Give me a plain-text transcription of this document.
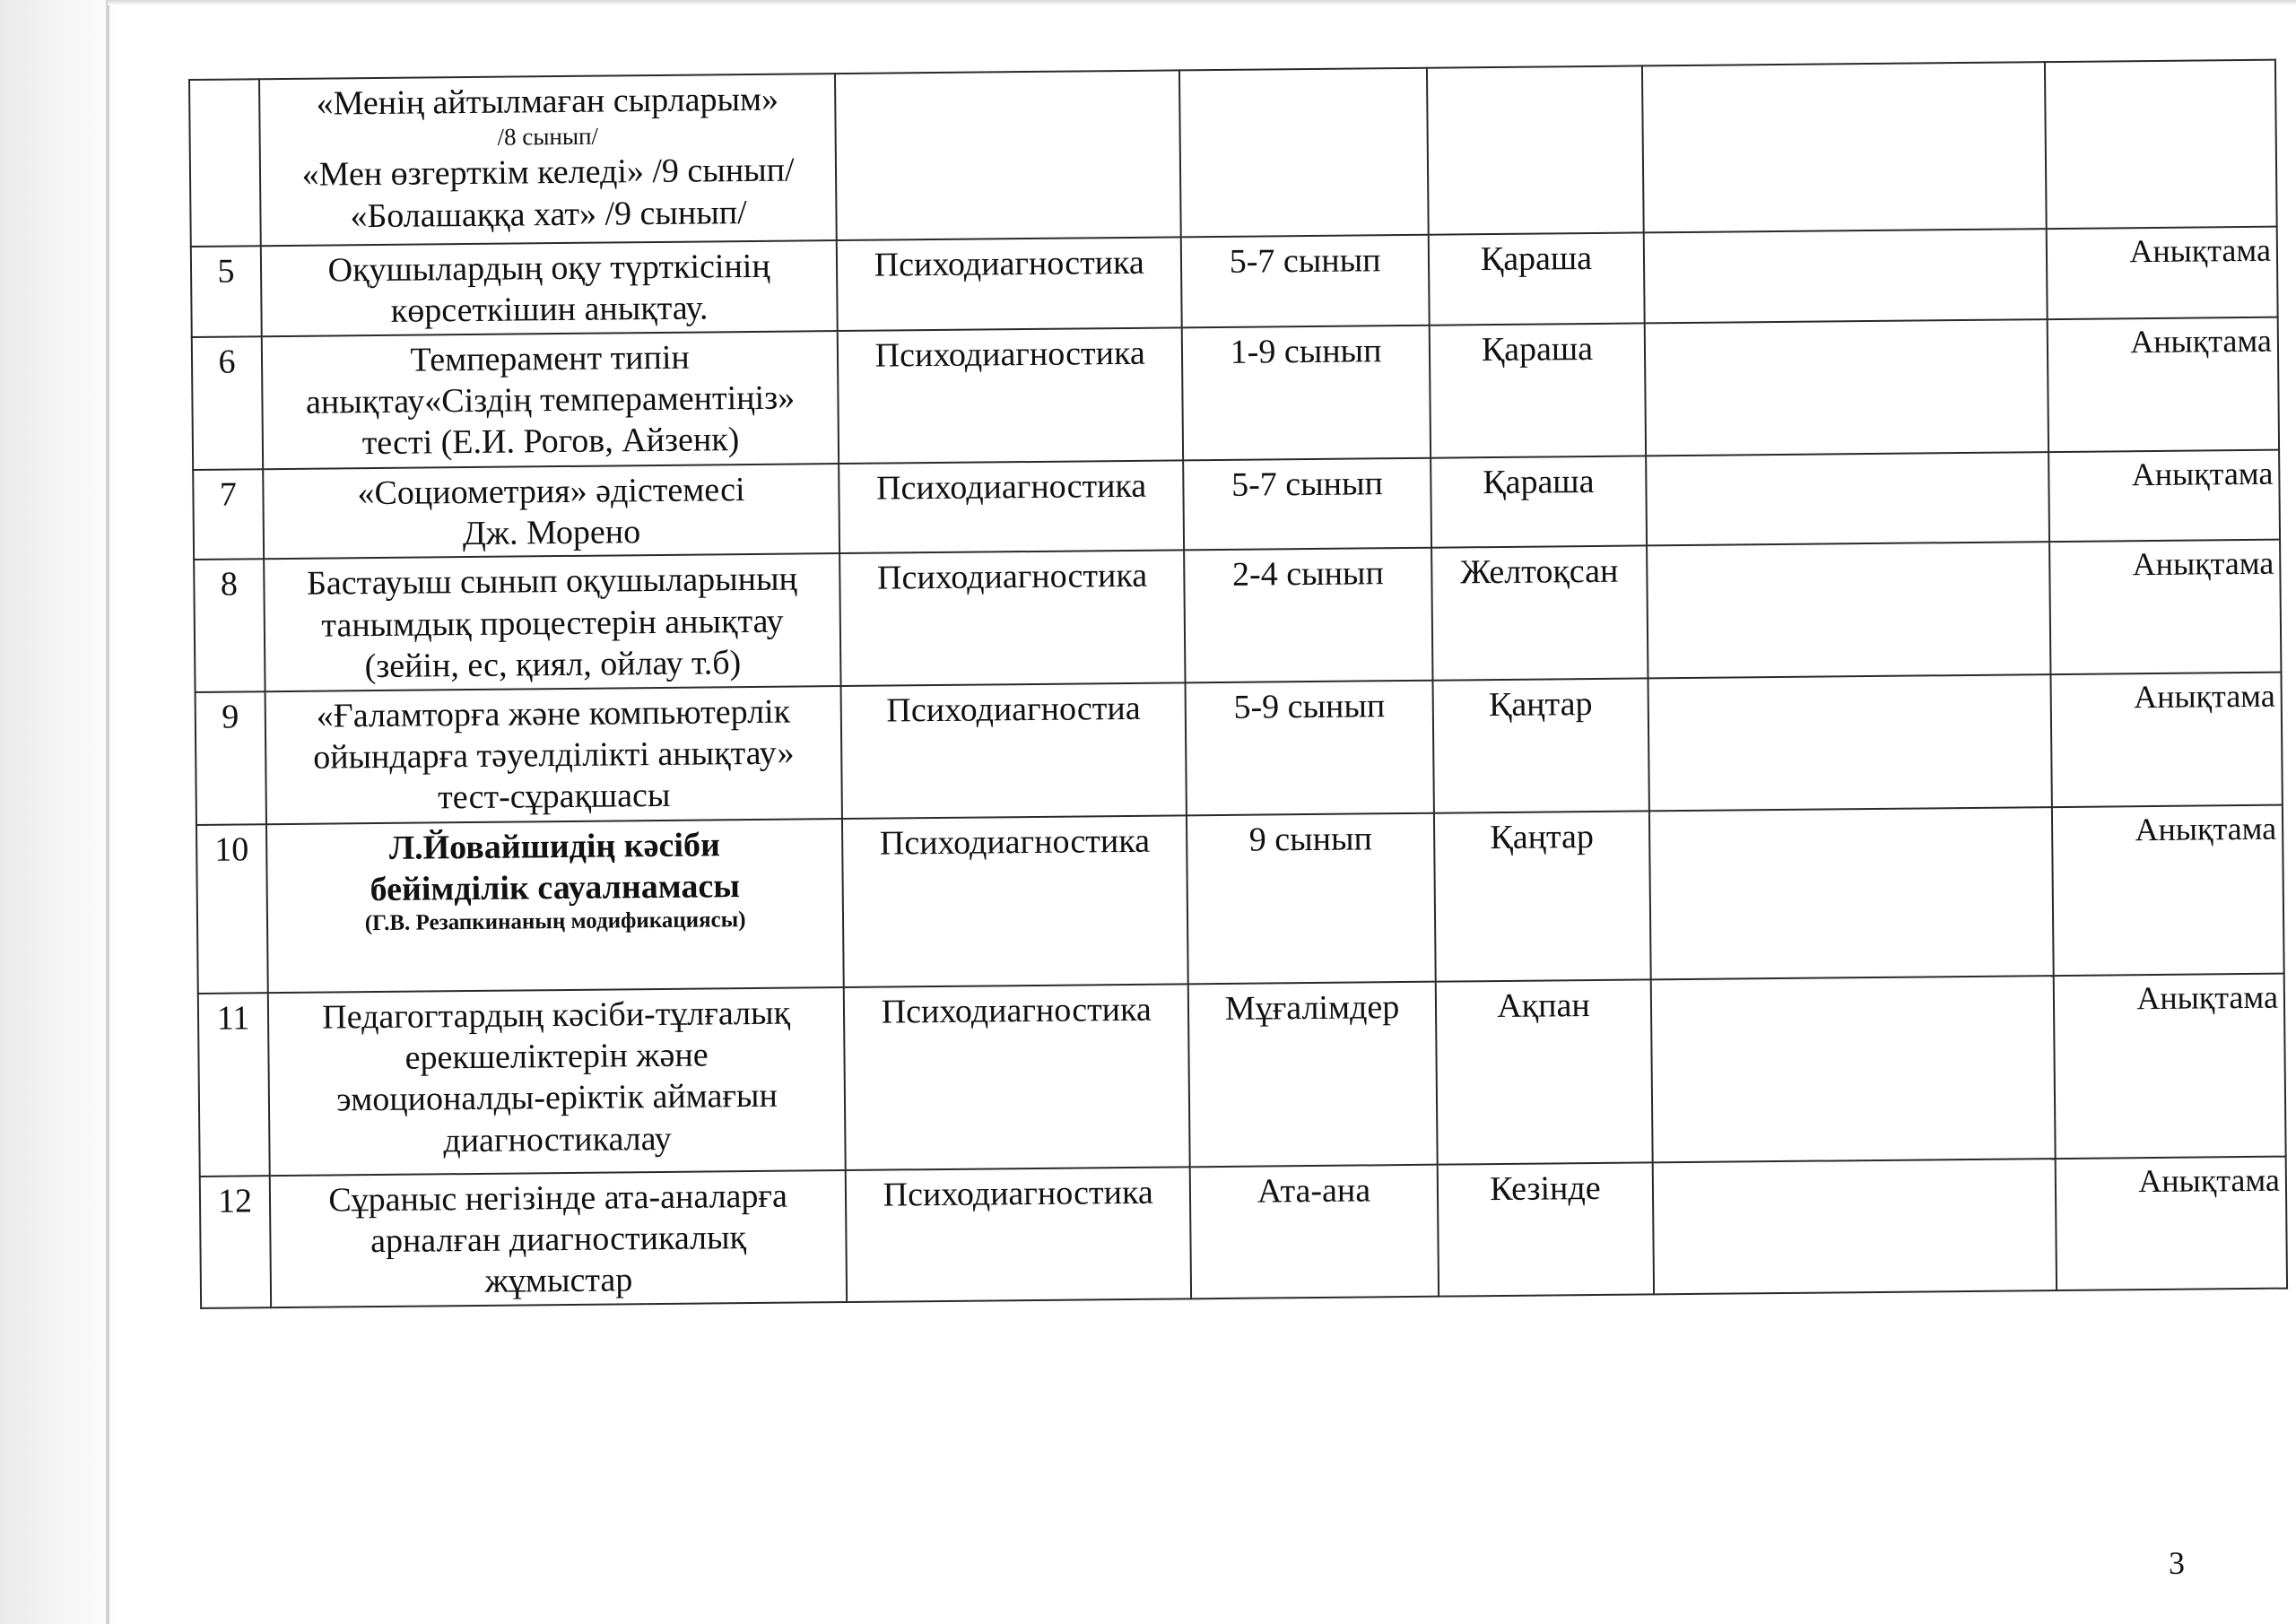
	«Менің айтылмаған сырларым»
/8 сынып/
«Мен өзгерткім келеді» /9 сынып/
«Болашаққа хат» /9 сынып/					

5	Оқушылардың оқу түрткісінің
көрсеткішин анықтау.	Психодиагностика	5-7 сынып	Қараша		Анықтама
6	Темперамент типін
анықтау«Сіздің темпераментіңіз»
тесті (Е.И. Рогов, Айзенк)	Психодиагностика	1-9 сынып	Қараша		Анықтама
7	«Социометрия» әдістемесі
Дж. Морено	Психодиагностика	5-7 сынып	Қараша		Анықтама
8	Бастауыш сынып оқушыларының
танымдық процестерін анықтау
(зейін, ес, қиял, ойлау т.б)	Психодиагностика	2-4 сынып	Желтоқсан		Анықтама
9	«Ғаламторға және компьютерлік
ойындарға тәуелділікті анықтау»
тест-сұрақшасы	Психодиагностиа	5-9 сынып	Қаңтар		Анықтама
10	Л.Йовайшидің кәсіби
бейімділік сауалнамасы
(Г.В. Резапкинаның модификациясы)	Психодиагностика	9 сынып	Қаңтар		Анықтама
11	Педагогтардың кәсіби-тұлғалық
ерекшеліктерін және
эмоционалды-еріктік аймағын
диагностикалау	Психодиагностика	Мұғалімдер	Ақпан		Анықтама
12	Сұраныс негізінде ата-аналарға
арналған диагностикалық
жұмыстар	Психодиагностика	Ата-ана	Кезінде		Анықтама
3
